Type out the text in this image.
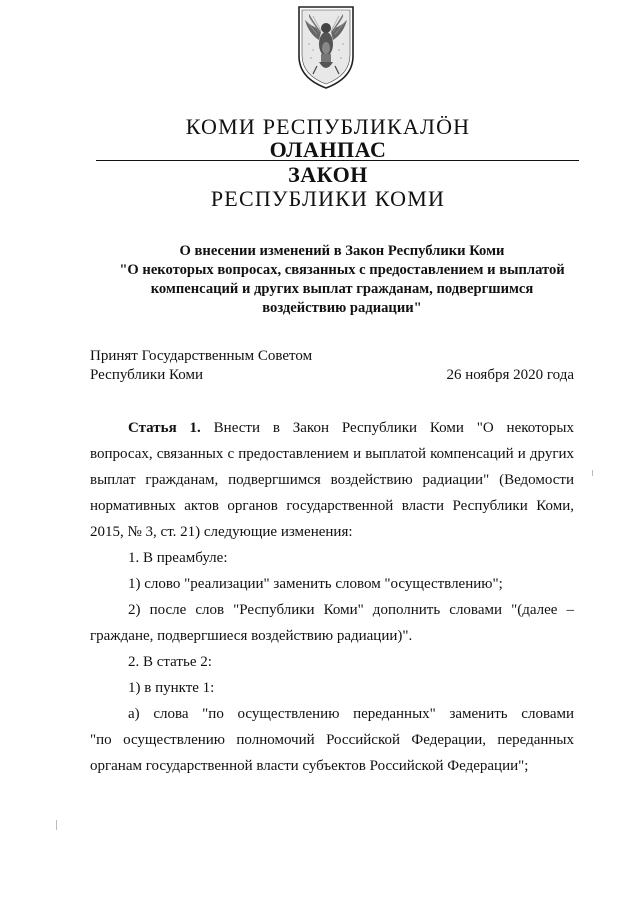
КОМИ РЕСПУБЛИКАЛӦН
ОЛАНПАС
ЗАКОН
РЕСПУБЛИКИ КОМИ
О внесении изменений в Закон Республики Коми
"О некоторых вопросах, связанных с предоставлением и выплатой
компенсаций и других выплат гражданам, подвергшимся
воздействию радиации"
Принят Государственным Советом
Республики Коми	26 ноября 2020 года
Статья 1. Внести в Закон Республики Коми "О некоторых
вопросах, связанных с предоставлением и выплатой компенсаций и других
выплат гражданам, подвергшимся воздействию радиации" (Ведомости
нормативных актов органов государственной власти Республики Коми,
2015, № 3, ст. 21) следующие изменения:
1. В преамбуле:
1) слово "реализации" заменить словом "осуществлению";
2) после слов "Республики Коми" дополнить словами "(далее –
граждане, подвергшиеся воздействию радиации)".
2. В статье 2:
1) в пункте 1:
а) слова "по осуществлению переданных" заменить словами
"по осуществлению полномочий Российской Федерации, переданных
органам государственной власти субъектов Российской Федерации";
